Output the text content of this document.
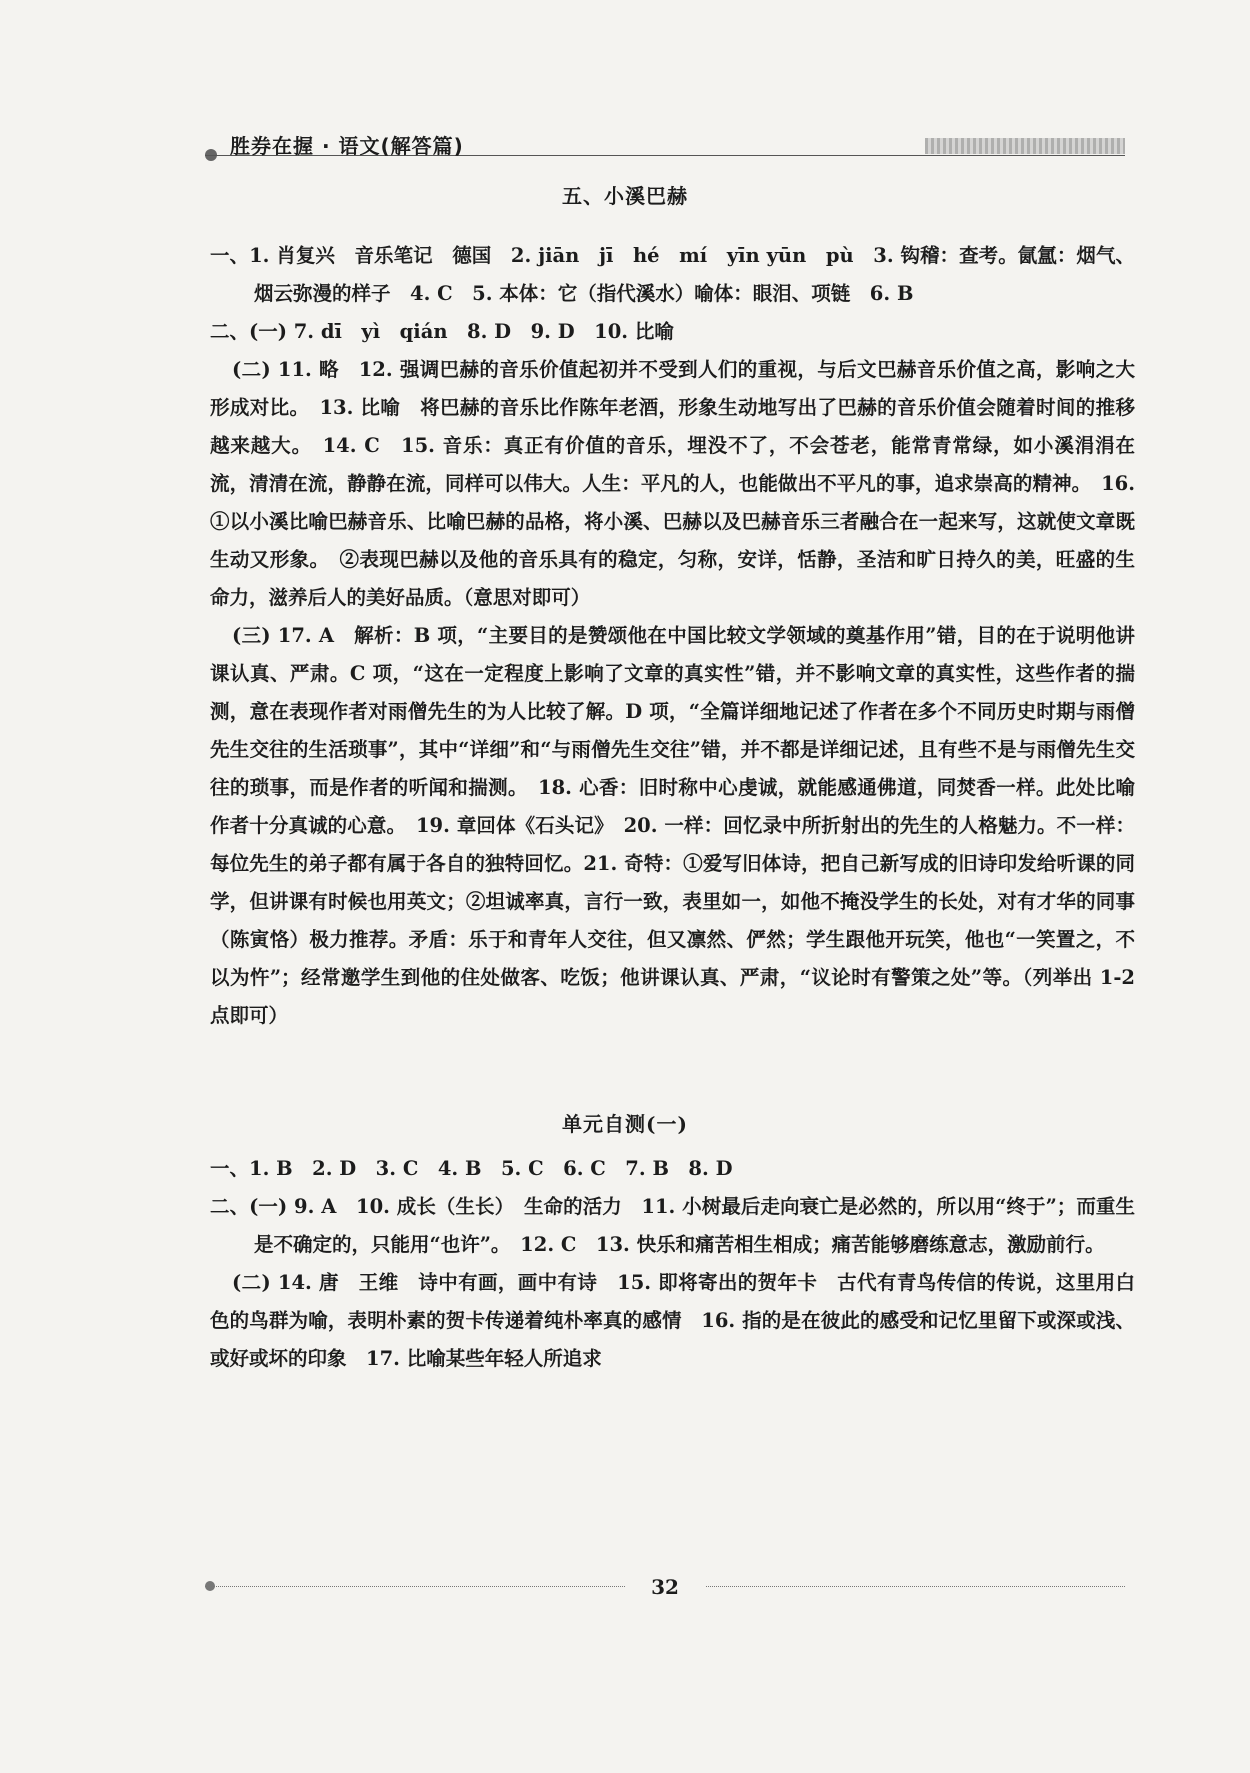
胜券在握 · 语文(解答篇)
五、小溪巴赫

一、1. 肖复兴　音乐笔记　德国　2. jiān　jī　hé　mí　yīn yūn　pù　3. 钩稽：查考。氤氲：烟气、烟云弥漫的样子　4. C　5. 本体：它（指代溪水）喻体：眼泪、项链　6. B

二、(一) 7. dī　yì　qián　8. D　9. D　10. 比喻

(二) 11. 略　12. 强调巴赫的音乐价值起初并不受到人们的重视，与后文巴赫音乐价值之高，影响之大形成对比。　13. 比喻　将巴赫的音乐比作陈年老酒，形象生动地写出了巴赫的音乐价值会随着时间的推移越来越大。　14. C　15. 音乐：真正有价值的音乐，埋没不了，不会苍老，能常青常绿，如小溪涓涓在流，清清在流，静静在流，同样可以伟大。人生：平凡的人，也能做出不平凡的事，追求崇高的精神。　16. ①以小溪比喻巴赫音乐、比喻巴赫的品格，将小溪、巴赫以及巴赫音乐三者融合在一起来写，这就使文章既生动又形象。　②表现巴赫以及他的音乐具有的稳定，匀称，安详，恬静，圣洁和旷日持久的美，旺盛的生命力，滋养后人的美好品质。（意思对即可）

(三) 17. A　解析：B 项，“主要目的是赞颂他在中国比较文学领域的奠基作用”错，目的在于说明他讲课认真、严肃。C 项，“这在一定程度上影响了文章的真实性”错，并不影响文章的真实性，这些作者的揣测，意在表现作者对雨僧先生的为人比较了解。D 项，“全篇详细地记述了作者在多个不同历史时期与雨僧先生交往的生活琐事”，其中“详细”和“与雨僧先生交往”错，并不都是详细记述，且有些不是与雨僧先生交往的琐事，而是作者的听闻和揣测。　18. 心香：旧时称中心虔诚，就能感通佛道，同焚香一样。此处比喻作者十分真诚的心意。　19. 章回体《石头记》　20. 一样：回忆录中所折射出的先生的人格魅力。不一样：每位先生的弟子都有属于各自的独特回忆。21. 奇特：①爱写旧体诗，把自己新写成的旧诗印发给听课的同学，但讲课有时候也用英文；②坦诚率真，言行一致，表里如一，如他不掩没学生的长处，对有才华的同事（陈寅恪）极力推荐。矛盾：乐于和青年人交往，但又凛然、俨然；学生跟他开玩笑，他也“一笑置之，不以为忤”；经常邀学生到他的住处做客、吃饭；他讲课认真、严肃，“议论时有警策之处”等。（列举出 1-2 点即可）

单元自测(一)

一、1. B　2. D　3. C　4. B　5. C　6. C　7. B　8. D

二、(一) 9. A　10. 成长（生长）　生命的活力　11. 小树最后走向衰亡是必然的，所以用“终于”；而重生是不确定的，只能用“也许”。　12. C　13. 快乐和痛苦相生相成；痛苦能够磨练意志，激励前行。

(二) 14. 唐　王维　诗中有画，画中有诗　15. 即将寄出的贺年卡　古代有青鸟传信的传说，这里用白色的鸟群为喻，表明朴素的贺卡传递着纯朴率真的感情　16. 指的是在彼此的感受和记忆里留下或深或浅、或好或坏的印象　17. 比喻某些年轻人所追求

32
